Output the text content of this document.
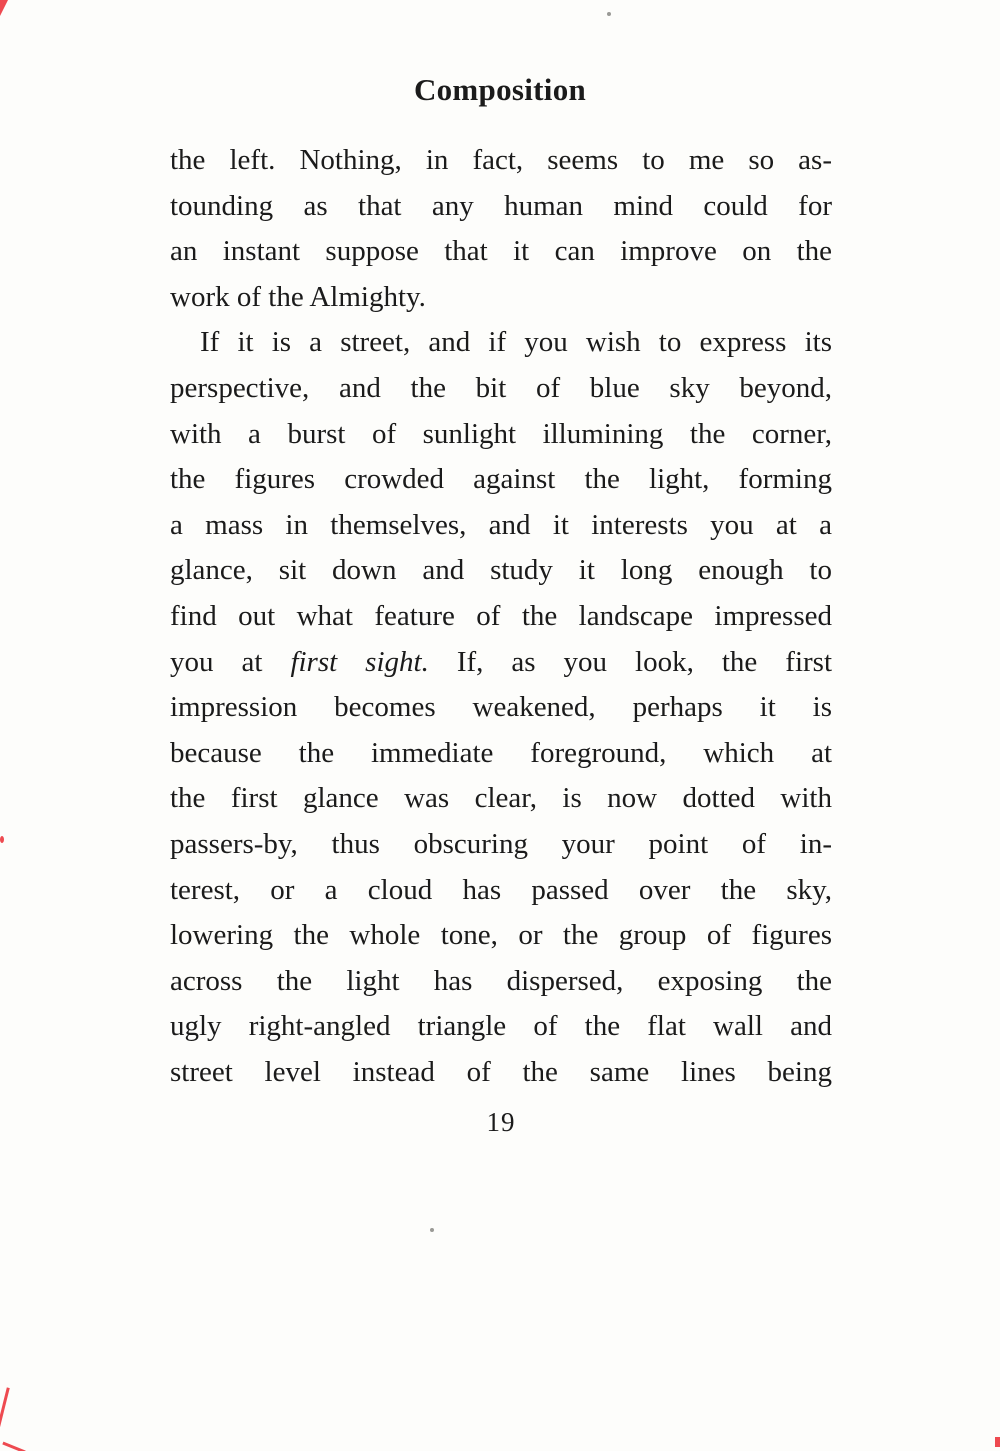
Composition

the left. Nothing, in fact, seems to me so as-
tounding as that any human mind could for
an instant suppose that it can improve on the
work of the Almighty.

If it is a street, and if you wish to express its
perspective, and the bit of blue sky beyond,
with a burst of sunlight illumining the corner,
the figures crowded against the light, forming
a mass in themselves, and it interests you at a
glance, sit down and study it long enough to
find out what feature of the landscape impressed
you at first sight. If, as you look, the first
impression becomes weakened, perhaps it is
because the immediate foreground, which at
the first glance was clear, is now dotted with
passers-by, thus obscuring your point of in-
terest, or a cloud has passed over the sky,
lowering the whole tone, or the group of figures
across the light has dispersed, exposing the
ugly right-angled triangle of the flat wall and
street level instead of the same lines being

19
